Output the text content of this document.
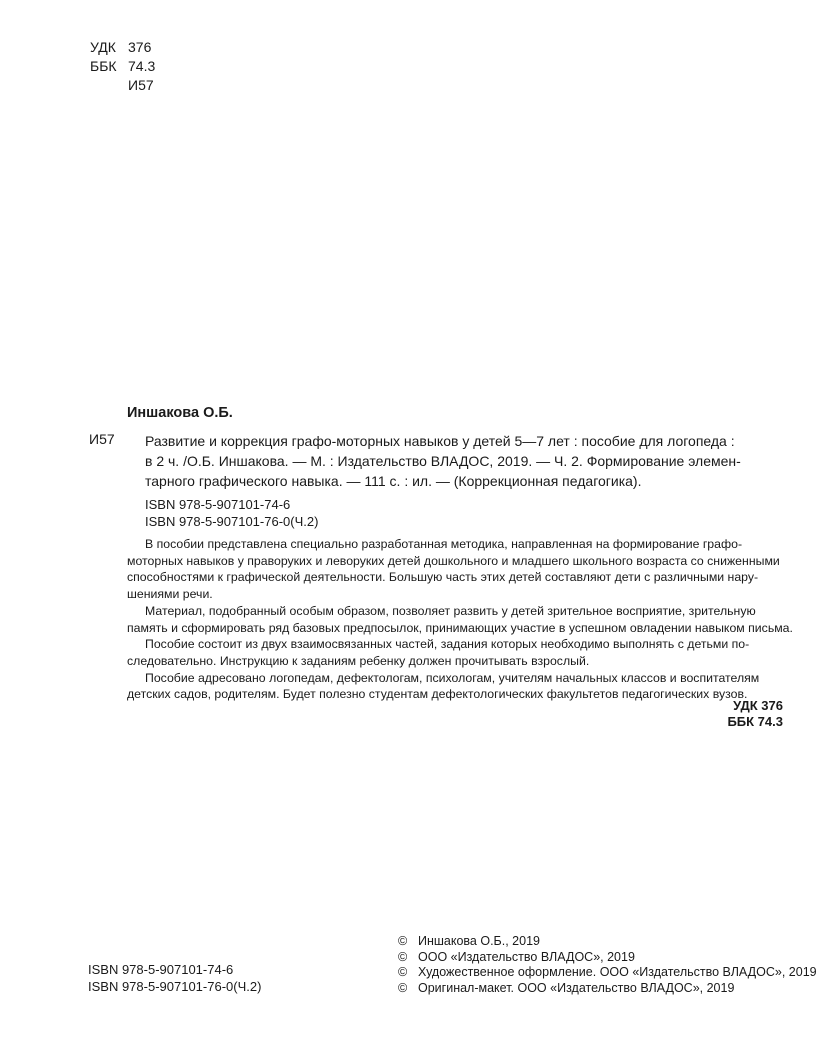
УДК 376
ББК 74.3
И57
Иншакова О.Б.
И57 Развитие и коррекция графо-моторных навыков у детей 5—7 лет : пособие для логопеда :
в 2 ч. /О.Б. Иншакова. — М. : Издательство ВЛАДОС, 2019. — Ч. 2. Формирование элемен-
тарного графического навыка. — 111 с. : ил. — (Коррекционная педагогика).
ISBN 978-5-907101-74-6
ISBN 978-5-907101-76-0(Ч.2)
В пособии представлена специально разработанная методика, направленная на формирование графо-
моторных навыков у праворуких и леворуких детей дошкольного и младшего школьного возраста со сниженными
способностями к графической деятельности. Большую часть этих детей составляют дети с различными нару-
шениями речи.
Материал, подобранный особым образом, позволяет развить у детей зрительное восприятие, зрительную
память и сформировать ряд базовых предпосылок, принимающих участие в успешном овладении навыком письма.
Пособие состоит из двух взаимосвязанных частей, задания которых необходимо выполнять с детьми по-
следовательно. Инструкцию к заданиям ребенку должен прочитывать взрослый.
Пособие адресовано логопедам, дефектологам, психологам, учителям начальных классов и воспитателям
детских садов, родителям. Будет полезно студентам дефектологических факультетов педагогических вузов.
УДК 376
ББК 74.3
© Иншакова О.Б., 2019
© ООО «Издательство ВЛАДОС», 2019
© Художественное оформление. ООО «Издательство ВЛАДОС», 2019
© Оригинал-макет. ООО «Издательство ВЛАДОС», 2019
ISBN 978-5-907101-74-6
ISBN 978-5-907101-76-0(Ч.2)
